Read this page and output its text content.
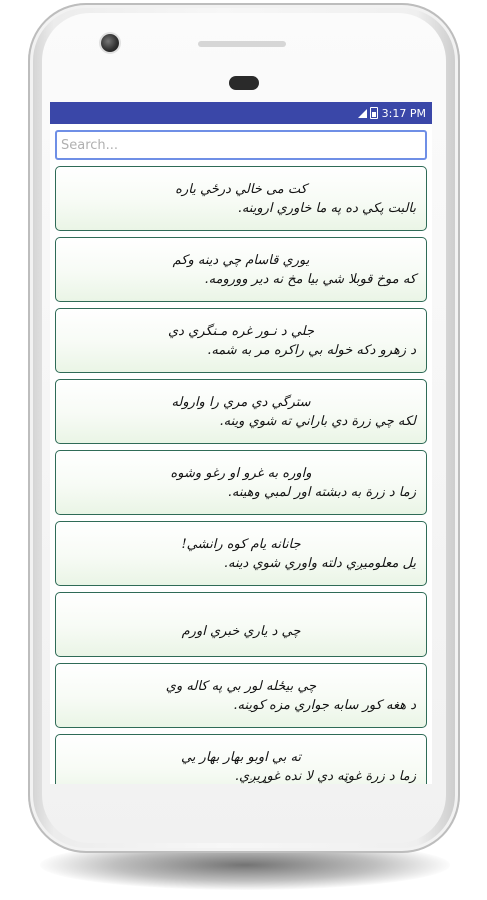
3:17 PM
Search...
کت می خالي درځي ياره
بالبت پکي ده په ما خاوري اروينه.
يوري قاسام چي دينه وکم
که موخ قوبلا شي بيا مخ نه دير وورومه.
جلي د نـور غره مـنگري دي
د زهرو دکه خوله بي راکره مر به شمه.
سترگي دي مري را واروله
لکه چي زرة دي باراني ته شوي وينه.
واوره به غرو او رغو وشوه
زما د زرة به دبشته اور لمبي وهينه.
جانانه يام کوه رانشي!
يل معلوميږي دلته واوري شوي دينه.
چي د ياري خبري اورم
چي بيځله لور بي په کاله وي
د هغه کور سابه جواري مزه کوينه.
ته بي اوبو بهار بهار يي
زما د زرة غوټه دي لا نده غوړيږي.
